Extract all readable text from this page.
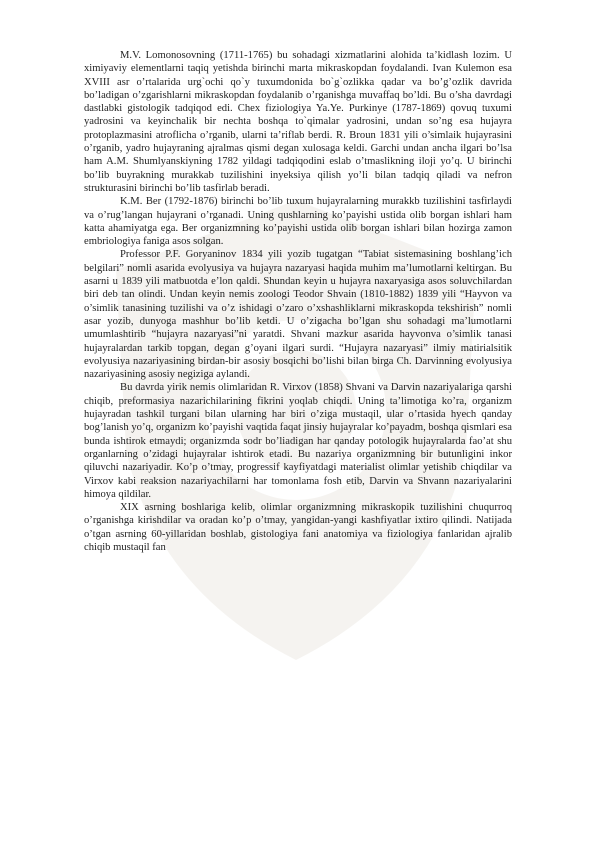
M.V. Lomonosovning (1711-1765) bu sohadagi xizmatlarini alohida ta’kidlash lozim. U ximiyaviy elementlarni taqiq yetishda birinchi marta mikraskopdan foydalandi. Ivan Kulemon esa XVIII asr o’rtalarida urg`ochi qo`y tuxumdonida bo`g`ozlikka qadar va bo’g’ozlik davrida bo’ladigan o’zgarishlarni mikraskopdan foydalanib o’rganishga muvaffaq bo’ldi. Bu o’sha davrdagi dastlabki gistologik tadqiqod edi. Chex fiziologiya Ya.Ye. Purkinye (1787-1869) qovuq tuxumi yadrosini va keyinchalik bir nechta boshqa to`qimalar yadrosini, undan so’ng esa hujayra protoplazmasini atroflicha o’rganib, ularni ta’riflab berdi. R. Broun 1831 yili o’simlaik hujayrasini o’rganib, yadro hujayraning ajralmas qismi degan xulosaga keldi. Garchi undan ancha ilgari bo’lsa ham A.M. Shumlyanskiyning 1782 yildagi tadqiqodini eslab o’tmaslikning iloji yo’q. U birinchi bo’lib buyrakning murakkab tuzilishini inyeksiya qilish yo’li bilan tadqiq qiladi va nefron strukturasini birinchi bo’lib tasfirlab beradi.

K.M. Ber (1792-1876) birinchi bo’lib tuxum hujayralarning murakkb tuzilishini tasfirlaydi va o’rug’langan hujayrani o’rganadi. Uning qushlarning ko’payishi ustida olib borgan ishlari ham katta ahamiyatga ega. Ber organizmning ko’payishi ustida olib borgan ishlari bilan hozirga zamon embriologiya faniga asos solgan.

Professor P.F. Goryaninov 1834 yili yozib tugatgan “Tabiat sistemasining boshlang’ich belgilari” nomli asarida evolyusiya va hujayra nazaryasi haqida muhim ma’lumotlarni keltirgan. Bu asarni u 1839 yili matbuotda e’lon qaldi. Shundan keyin u hujayra naxaryasiga asos soluvchilardan biri deb tan olindi. Undan keyin nemis zoologi Teodor Shvain (1810-1882) 1839 yili “Hayvon va o’simlik tanasining tuzilishi va o’z ishidagi o’zaro o’xshashliklarni mikraskopda tekshirish” nomli asar yozib, dunyoga mashhur bo’lib ketdi. U o’zigacha bo’lgan shu sohadagi ma’lumotlarni umumlashtirib “hujayra nazaryasi”ni yaratdi. Shvani mazkur asarida hayvonva o’simlik tanasi hujayralardan tarkib topgan, degan g’oyani ilgari surdi. “Hujayra nazaryasi” ilmiy matirialsitik evolyusiya nazariyasining birdan-bir asosiy bosqichi bo’lishi bilan birga Ch. Darvinning evolyusiya nazariyasining asosiy negiziga aylandi.

Bu davrda yirik nemis olimlaridan R. Virxov (1858) Shvani va Darvin nazariyalariga qarshi chiqib, preformasiya nazarichilarining fikrini yoqlab chiqdi. Uning ta’limotiga ko’ra, organizm hujayradan tashkil turgani bilan ularning har biri o’ziga mustaqil, ular o’rtasida hyech qanday bog’lanish yo’q, organizm ko’payishi vaqtida faqat jinsiy hujayralar ko’payadm, boshqa qismlari esa bunda ishtirok etmaydi; organizmda sodr bo’liadigan har qanday potologik hujayralarda fao’at shu organlarning o’zidagi hujayralar ishtirok etadi. Bu nazariya organizmning bir butunligini inkor qiluvchi nazariyadir. Ko’p o’tmay, progressif kayfiyatdagi materialist olimlar yetishib chiqdilar va Virxov kabi reaksion nazariyachilarni har tomonlama fosh etib, Darvin va Shvann nazariyalarini himoya qildilar.

XIX asrning boshlariga kelib, olimlar organizmning mikraskopik tuzilishini chuqurroq o’rganishga kirishdilar va oradan ko’p o’tmay, yangidan-yangi kashfiyatlar ixtiro qilindi. Natijada o’tgan asrning 60-yillaridan boshlab, gistologiya fani anatomiya va fiziologiya fanlaridan ajralib chiqib mustaqil fan
